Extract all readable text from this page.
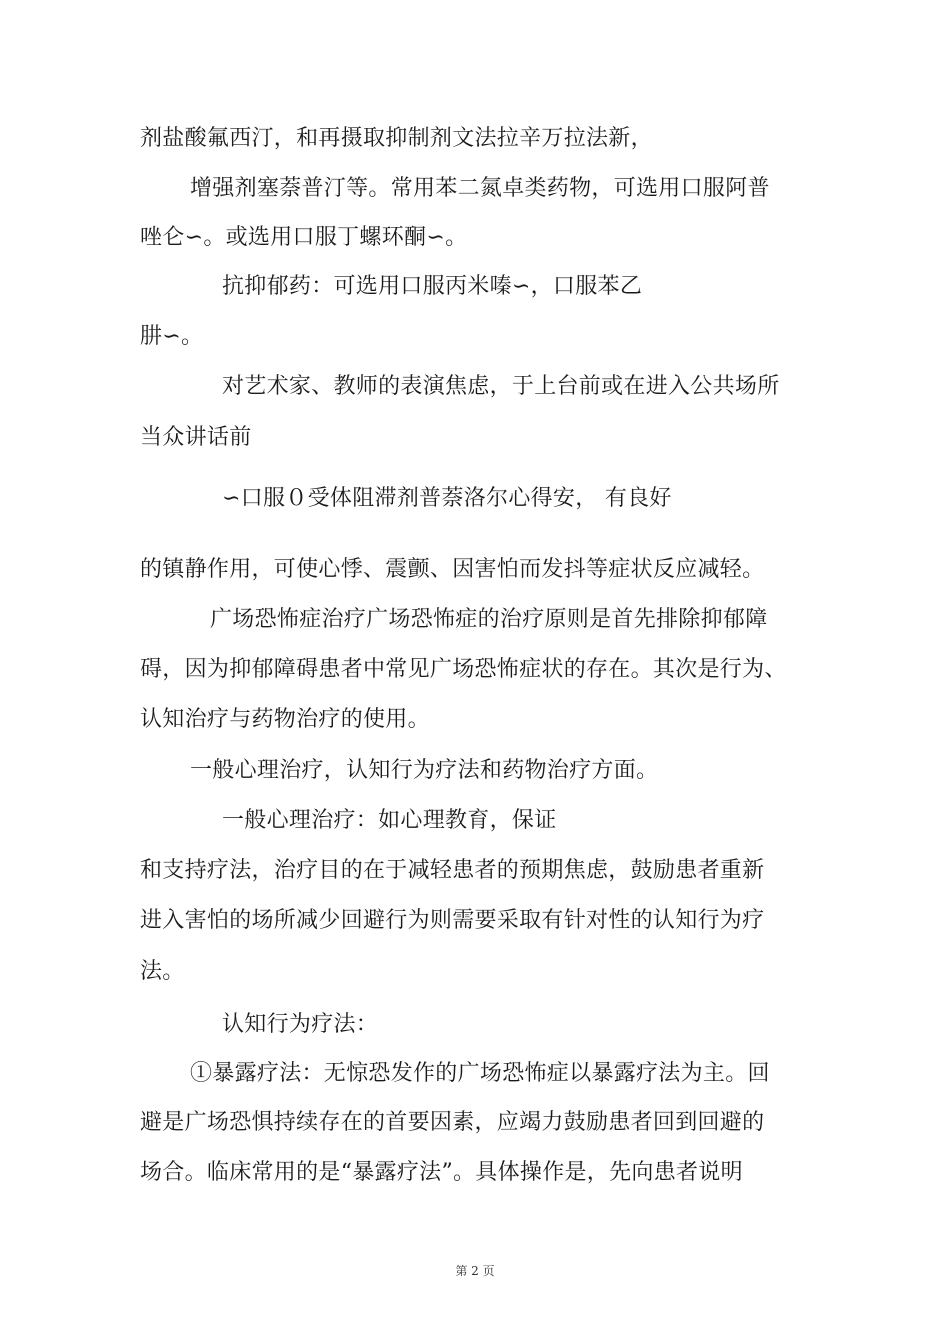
剂盐酸氟西汀，和再摄取抑制剂文法拉辛万拉法新，
增强剂塞萘普汀等。常用苯二氮卓类药物，可选用口服阿普
唑仑∽。或选用口服丁螺环酮∽。
抗抑郁药：可选用口服丙米嗪∽，口服苯乙
肼∽。
对艺术家、教师的表演焦虑，于上台前或在进入公共场所
当众讲话前
∽口服０受体阻滞剂普萘洛尔心得安， 有良好
的镇静作用，可使心悸、震颤、因害怕而发抖等症状反应减轻。
广场恐怖症治疗广场恐怖症的治疗原则是首先排除抑郁障
碍，因为抑郁障碍患者中常见广场恐怖症状的存在。其次是行为、
认知治疗与药物治疗的使用。
一般心理治疗，认知行为疗法和药物治疗方面。
一般心理治疗：如心理教育，保证
和支持疗法，治疗目的在于减轻患者的预期焦虑，鼓励患者重新
进入害怕的场所减少回避行为则需要采取有针对性的认知行为疗
法。
认知行为疗法：
①暴露疗法：无惊恐发作的广场恐怖症以暴露疗法为主。回
避是广场恐惧持续存在的首要因素，应竭力鼓励患者回到回避的
场合。临床常用的是“暴露疗法”。具体操作是，先向患者说明
第 2 页
